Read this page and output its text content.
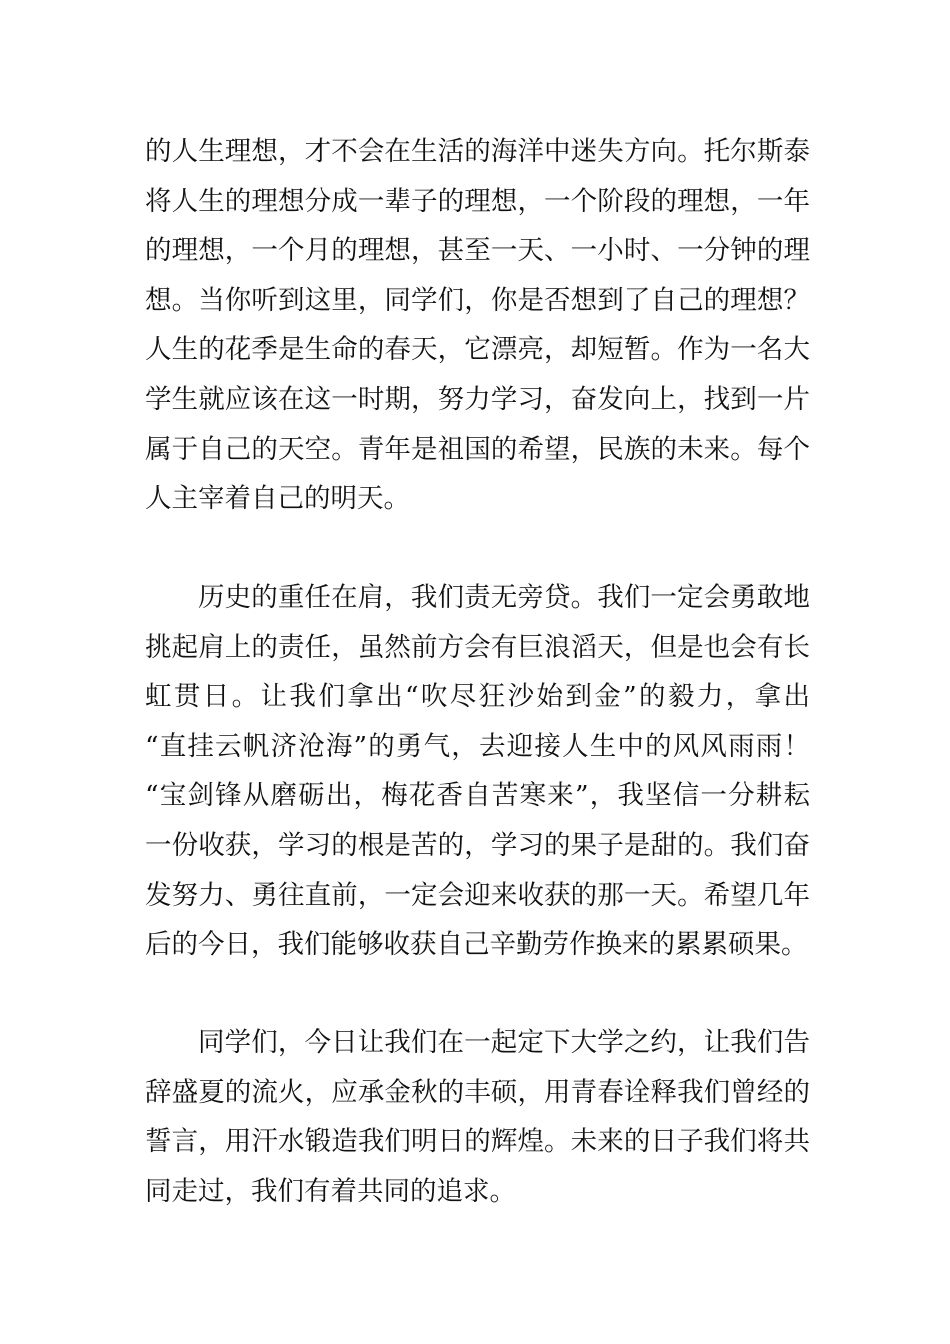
的人生理想，才不会在生活的海洋中迷失方向。托尔斯泰
将人生的理想分成一辈子的理想，一个阶段的理想，一年
的理想，一个月的理想，甚至一天、一小时、一分钟的理
想。当你听到这里，同学们，你是否想到了自己的理想？
人生的花季是生命的春天，它漂亮，却短暂。作为一名大
学生就应该在这一时期，努力学习，奋发向上，找到一片
属于自己的天空。青年是祖国的希望，民族的未来。每个
人主宰着自己的明天。
历史的重任在肩，我们责无旁贷。我们一定会勇敢地
挑起肩上的责任，虽然前方会有巨浪滔天，但是也会有长
虹贯日。让我们拿出“吹尽狂沙始到金”的毅力，拿出
“直挂云帆济沧海”的勇气，去迎接人生中的风风雨雨！
“宝剑锋从磨砺出，梅花香自苦寒来”，我坚信一分耕耘
一份收获，学习的根是苦的，学习的果子是甜的。我们奋
发努力、勇往直前，一定会迎来收获的那一天。希望几年
后的今日，我们能够收获自己辛勤劳作换来的累累硕果。
同学们，今日让我们在一起定下大学之约，让我们告
辞盛夏的流火，应承金秋的丰硕，用青春诠释我们曾经的
誓言，用汗水锻造我们明日的辉煌。未来的日子我们将共
同走过，我们有着共同的追求。
